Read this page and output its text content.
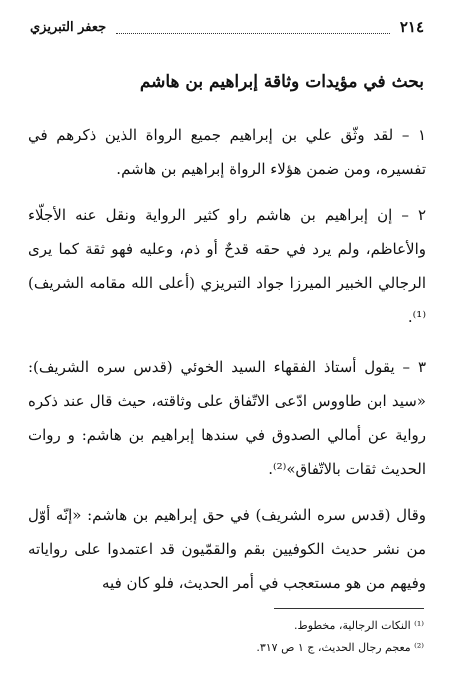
٢١٤
جعفر التبريزي
بحث في مؤيدات وثاقة إبراهيم بن هاشم
١ – لقد وثّق علي بن إبراهيم جميع الرواة الذين ذكرهم في تفسيره، ومن ضمن هؤلاء الرواة إبراهيم بن هاشم.
٢ – إن إبراهيم بن هاشم راو كثير الرواية ونقل عنه الأجلّاء والأعاظم، ولم يرد في حقه قدحٌ أو ذم، وعليه فهو ثقة كما يرى الرجالي الخبير الميرزا جواد التبريزي (أعلى الله مقامه الشريف)⁽¹⁾.
٣ – يقول أستاذ الفقهاء السيد الخوئي (قدس سره الشريف): «سيد ابن طاووس ادّعى الاتّفاق على وثاقته، حيث قال عند ذكره رواية عن أمالي الصدوق في سندها إبراهيم بن هاشم: و روات الحديث ثقات بالاتّفاق»⁽²⁾.
وقال (قدس سره الشريف) في حق إبراهيم بن هاشم: «إنّه أوّل من نشر حديث الكوفيين بقم والقمّيون قد اعتمدوا على رواياته وفيهم من هو مستعجب في أمر الحديث، فلو كان فيه
⁽¹⁾ النكات الرجالية، مخطوط.
⁽²⁾ معجم رجال الحديث، ج ١ ص ٣١٧.
